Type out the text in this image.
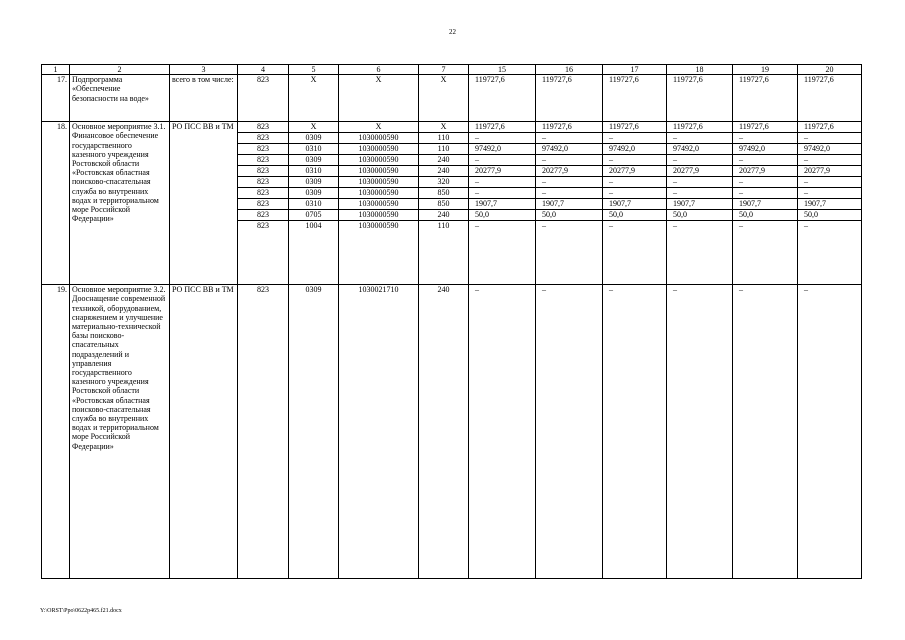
22
1	2	3	4	5	6	7	15	16	17	18	19	20
17.	Подпрограмма «Обеспечение безопасности на воде»	всего в том числе:	823	Х	Х	Х	119727,6	119727,6	119727,6	119727,6	119727,6	119727,6
18.	Основное мероприятие 3.1. Финансовое обеспечение государственного казенного учреждения Ростовской области «Ростовская областная поисково-спасательная служба во внутренних водах и территориальном море Российской Федерации»	РО ПСС ВВ и ТМ	823	Х	Х	Х	119727,6	119727,6	119727,6	119727,6	119727,6	119727,6
			823	0309	1030000590	110	–	–	–	–	–	–
			823	0310	1030000590	110	97492,0	97492,0	97492,0	97492,0	97492,0	97492,0
			823	0309	1030000590	240	–	–	–	–	–	–
			823	0310	1030000590	240	20277,9	20277,9	20277,9	20277,9	20277,9	20277,9
			823	0309	1030000590	320	–	–	–	–	–	–
			823	0309	1030000590	850	–	–	–	–	–	–
			823	0310	1030000590	850	1907,7	1907,7	1907,7	1907,7	1907,7	1907,7
			823	0705	1030000590	240	50,0	50,0	50,0	50,0	50,0	50,0
			823	1004	1030000590	110	–	–	–	–	–	–
19.	Основное мероприятие 3.2. Дооснащение современной техникой, оборудованием, снаряжением и улучшение материально-технической базы поисково-спасательных подразделений и управления государственного казенного учреждения Ростовской области «Ростовская областная поисково-спасательная служба во внутренних водах и территориальном море Российской Федерации»	РО ПСС ВВ и ТМ	823	0309	1030021710	240	–	–	–	–	–	–
Y:\ORST\Ppo\0622p465.f21.docx
